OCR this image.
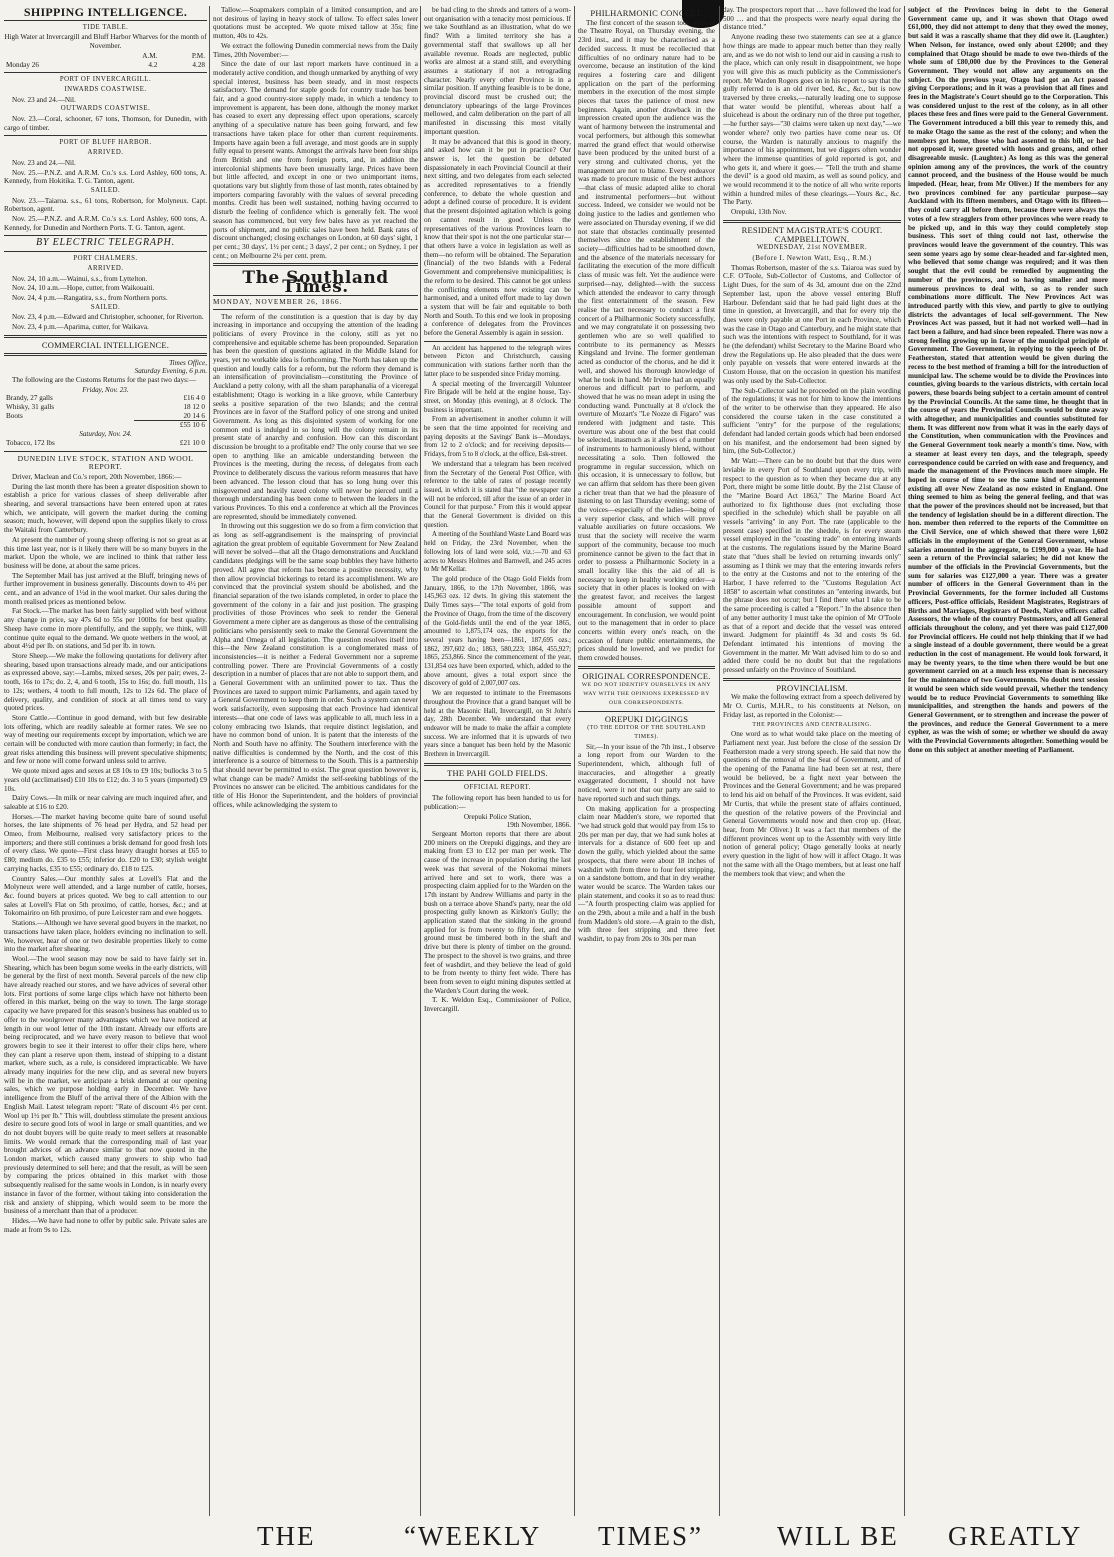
SHIPPING INTELLIGENCE.
TIDE TABLE.

High Water at Invercargill and Bluff Harbor Wharves for the month of November.

	A.M.	P.M.
Monday 26	4.2	4.28
PORT OF INVERCARGILL.
INWARDS COASTWISE.

Nov. 23 and 24.—Nil.

OUTWARDS COASTWISE.

Nov. 23.—Coral, schooner, 67 tons, Thomson, for Dunedin, with cargo of timber.

PORT OF BLUFF HARBOR.
ARRIVED.

Nov. 23 and 24.—Nil.

Nov. 25.—P.N.Z. and A.R.M. Co.'s s.s. Lord Ashley, 600 tons, A. Kennedy, from Hokitika. T. G. Tanton, agent.

SAILED.

Nov. 23.—Taiaroa. s.s., 61 tons, Robertson, for Molyneux. Capt. Robertson, agent.

Nov. 25.—P.N.Z. and A.R.M. Co.'s s.s. Lord Ashley, 600 tons, A. Kennedy, for Dunedin and Northern Ports. T. G. Tanton, agent.

BY ELECTRIC TELEGRAPH.
PORT CHALMERS.
ARRIVED.

Nov. 24, 10 a.m.—Wainui, s.s., from Lyttelton.

Nov. 24, 10 a.m.—Hope, cutter, from Waikouaiti.

Nov. 24, 4 p.m.—Rangatira, s.s., from Northern ports.

SAILED.

Nov. 23, 4 p.m.—Edward and Christopher, schooner, for Riverton.

Nov. 23, 4 p.m.—Aparima, cutter, for Waikava.

COMMERCIAL INTELLIGENCE.
Times Office,
Saturday Evening, 6 p.m.

The following are the Customs Returns for the past two days:—

Friday, Nov. 23.
Brandy, 27 galls	£16 4 0
Whisky, 31 galls	18 12 0
Boots	20 14 6
	£55 10 6
Saturday, Nov. 24.
Tobacco, 172 lbs	£21 10 0
DUNEDIN LIVE STOCK, STATION AND WOOL REPORT.

Driver, Maclean and Co.'s report, 20th November, 1866:—

During the last month there has been a greater disposition shown to establish a price for various classes of sheep deliverable after shearing, and several transactions have been entered upon at rates which, we anticipate, will govern the market during the coming season; much, however, will depend upon the supplies likely to cross the Waitaki from Canterbury.

At present the number of young sheep offering is not so great as at this time last year, nor is it likely there will be so many buyers in the market. Upon the whole, we are inclined to think that rather less business will be done, at about the same prices.

The September Mail has just arrived at the Bluff, bringing news of further improvement in business generally. Discounts down to 4½ per cent., and an advance of 1½d in the wool market. Our sales during the month realised prices as mentioned below.

Fat Stock.—The market has been fairly supplied with beef without any change in price, say 47s 6d to 55s per 100lbs for best quality. Sheep have come in more plentifully, and the supply, we think, will continue quite equal to the demand. We quote wethers in the wool, at about 4½d per lb. on stations, and 5d per lb. in town.

Store Sheep.—We make the following quotations for delivery after shearing, based upon transactions already made, and our anticipations as expressed above, say:—Lambs, mixed sexes, 20s per pair; ewes, 2-tooth, 16s to 17s; do. 2, 4, and 6 tooth, 15s to 16s; do. full mouth, 11s to 12s; wethers, 4 tooth to full mouth, 12s to 12s 6d. The place of delivery, quality, and condition of stock at all times tend to vary quoted prices.

Store Cattle.—Continue in good demand, with but few desirable lots offering, which are readily saleable at former rates. We see no way of meeting our requirements except by importation, which we are certain will be conducted with more caution than formerly; in fact, the great risks attending this business will prevent speculative shipments; and few or none will come forward unless sold to arrive.

We quote mixed ages and sexes at £8 10s to £9 10s; bullocks 3 to 5 years old (acclimatised) £10 10s to £12; do. 3 to 5 years (imported) £9 10s.

Dairy Cows.—In milk or near calving are much inquired after, and saleable at £16 to £20.

Horses.—The market having become quite bare of sound useful horses, the late shipments of 76 head per Hydra, and 52 head per Omeo, from Melbourne, realised very satisfactory prices to the importers; and there still continues a brisk demand for good fresh lots of every class. We quote—First class heavy draught horses at £65 to £80; medium do. £35 to £55; inferior do. £20 to £30; stylish weight carrying hacks, £35 to £55; ordinary do. £18 to £25.

Country Sales.—Our monthly sales at Lovell's Flat and the Molyneux were well attended, and a large number of cattle, horses, &c. found buyers at prices quoted. We beg to call attention to our sales at Lovell's Flat on 5th proximo, of cattle, horses, &c.; and at Tokomairiro on 6th proximo, of pure Leicester ram and ewe hoggets.

Stations.—Although we have several good buyers in the market, no transactions have taken place, holders evincing no inclination to sell. We, however, hear of one or two desirable properties likely to come into the market after shearing.

Wool.—The wool season may now be said to have fairly set in. Shearing, which has been begun some weeks in the early districts, will be general by the first of next month. Several parcels of the new clip have already reached our stores, and we have advices of several other lots. First portions of some large clips which have not hitherto been offered in this market, being on the way to town. The large storage capacity we have prepared for this season's business has enabled us to offer to the woolgrower many advantages which we have noticed at length in our wool letter of the 10th instant. Already our efforts are being reciprocated, and we have every reason to believe that wool growers begin to see it their interest to offer their clips here, where they can plant a reserve upon them, instead of shipping to a distant market, where such, as a rule, is considered impracticable. We have already many inquiries for the new clip, and as several new buyers will be in the market, we anticipate a brisk demand at our opening sales, which we purpose holding early in December. We have intelligence from the Bluff of the arrival there of the Albion with the English Mail. Latest telegram report: "Rate of discount 4½ per cent. Wool up 1½ per lb." This will, doubtless stimulate the present anxious desire to secure good lots of wool in large or small quantities, and we do not doubt buyers will be quite ready to meet sellers at reasonable limits. We would remark that the corresponding mail of last year brought advices of an advance similar to that now quoted in the London market, which caused many growers to ship who had previously determined to sell here; and that the result, as will be seen by comparing the prices obtained in this market with those subsequently realised for the same wools in London, is in nearly every instance in favor of the former, without taking into consideration the risk and anxiety of shipping, which would seem to be more the business of a merchant than that of a producer.

Hides.—We have had none to offer by public sale. Private sales are made at from 9s to 12s.

Tallow.—Soapmakers complain of a limited consumption, and are not desirous of laying in heavy stock of tallow. To effect sales lower quotations must be accepted. We quote mixed tallow at 35s; fine mutton, 40s to 42s.

We extract the following Dunedin commercial news from the Daily Times, 20th November:—

Since the date of our last report markets have continued in a moderately active condition, and though unmarked by anything of very special interest, business has been steady, and in most respects satisfactory. The demand for staple goods for country trade has been fair, and a good country-store supply made, in which a tendency to improvement is apparent, has been done, although the money market has ceased to exert any depressing effect upon operations, scarcely anything of a speculative nature has been going forward, and few transactions have taken place for other than current requirements. Imports have again been a full average, and most goods are in supply fully equal to present wants. Amongst the arrivals have been four ships from British and one from foreign ports, and, in addition the intercolonial shipments have been unusually large. Prices have been but little affected, and except in one or two unimportant items, quotations vary but slightly from those of last month, rates obtained by importers comparing favorably with the values of several preceding months. Credit has been well sustained, nothing having occurred to disturb the feeling of confidence which is generally felt. The wool season has commenced, but very few bales have as yet reached the ports of shipment, and no public sales have been held. Bank rates of discount unchanged; closing exchanges on London, at 60 days' sight, 1 per cent.; 30 days', 1½ per cent.; 3 days', 2 per cent.; on Sydney, 1 per cent.; on Melbourne 2¼ per cent. prem.

The Southland Times.
MONDAY, NOVEMBER 26, 1866.

The reform of the constitution is a question that is day by day increasing in importance and occupying the attention of the leading politicians of every Province in the colony, still as yet no comprehensive and equitable scheme has been propounded. Separation has been the question of questions agitated in the Middle Island for years, yet no workable idea is forthcoming. The North has taken up the question and loudly calls for a reform, but the reform they demand is an intensification of provincialism—constituting the Province of Auckland a petty colony, with all the sham paraphanalia of a viceregal establishment; Otago is working in a like groove, while Canterbury seeks a positive separation of the two Islands; and the central Provinces are in favor of the Stafford policy of one strong and united Government. As long as this disjointed system of working for one common end is indulged in so long will the colony remain in its present state of anarchy and confusion. How can this discordant discussion be brought to a profitable end? The only course that we see open to anything like an amicable understanding between the Provinces is the meeting, during the recess, of delegates from each Province to deliberately discuss the various reform measures that have been advanced. The lesson cloud that has so long hung over this misgoverned and heavily taxed colony will never be pierced until a thorough understanding has been come to between the leaders in the various Provinces. To this end a conference at which all the Provinces are represented, should be immediately convened.

In throwing out this suggestion we do so from a firm conviction that as long as self-aggrandisement is the mainspring of provincial agitation the great problem of equitable Government for New Zealand will never be solved—that all the Otago demonstrations and Auckland candidates pledgings will be the same soap bubbles they have hitherto proved. All agree that reform has become a positive necessity, why then allow provincial bickerings to retard its accomplishment. We are convinced that the provincial system should be abolished, and the financial separation of the two islands completed, in order to place the government of the colony in a fair and just position. The grasping proclivities of those Provinces who seek to render the General Government a mere cipher are as dangerous as those of the centralising politicians who persistently seek to make the General Government the Alpha and Omega of all legislation. The question resolves itself into this—the New Zealand constitution is a conglomerated mass of inconsistencies—it is neither a Federal Government nor a supreme controlling power. There are Provincial Governments of a costly description in a number of places that are not able to support them, and a General Government with an unlimited power to tax. Thus the Provinces are taxed to support mimic Parliaments, and again taxed by a General Government to keep them in order. Such a system can never work satisfactorily, even supposing that each Province had identical interests—that one code of laws was applicable to all, much less in a colony embracing two Islands, that require distinct legislation, and have no common bond of union. It is patent that the interests of the North and South have no affinity. The Southern interference with the native difficulties is condemned by the North, and the cost of this interference is a source of bitterness to the South. This is a partnership that should never be permitted to exist. The great question however is, what change can be made? Amidst the self-seeking babblings of the Provinces no answer can be elicited. The ambitious candidates for the title of His Honor the Superintendent, and the holders of provincial offices, while acknowledging the system to

be bad cling to the shreds and tatters of a worn-out organisation with a tenacity most pernicious. If we take Southland as an illustration, what do we find? With a limited territory she has a governmental staff that swallows up all her available revenue. Roads are neglected, public works are almost at a stand still, and everything assumes a stationary if not a retrograding character. Nearly every other Province is in a similar position. If anything feasible is to be done, provincial discord must be crushed out; the denunciatory upbearings of the large Provinces mellowed, and calm deliberation on the part of all manifested in discussing this most vitally important question.

It may be advanced that this is good in theory, and asked how can it be put in practice? Our answer is, let the question be debated dispassionately in each Provincial Council at their next sitting, and two delegates from each selected as accredited representatives to a friendly conference, to debate the whole question and adopt a defined course of procedure. It is evident that the present disjointed agitation which is going on cannot result in good. Unless the representatives of the various Provinces learn to know that their spot is not the one particular star—that others have a voice in legislation as well as them—no reform will be obtained. The Separation (financial) of the two Islands with a Federal Government and comprehensive municipalities; is the reform to be desired. This cannot be got unless the conflicting elements now existing can be harmonised, and a united effort made to lay down a system that will be fair and equitable to both North and South. To this end we look in proposing a conference of delegates from the Provinces before the General Assembly is again in session.

An accident has happened to the telegraph wires between Picton and Christchurch, causing communication with stations farther north than the latter place to be suspended since Friday morning.

A special meeting of the Invercargill Volunteer Fire Brigade will be held at the engine house, Tay-street, on Monday (this evening), at 8 o'clock. The business is important.

From an advertisement in another column it will be seen that the time appointed for receiving and paying deposits at the Savings' Bank is—Mondays, from 12 to 2 o'clock; and for receiving deposits—Fridays, from 5 to 8 o'clock, at the office, Esk-street.

We understand that a telegram has been received from the Secretary of the General Post Office, with reference to the table of rates of postage recently issued, in which it is stated that "the newspaper rate will not be enforced, till after the issue of an order in Council for that purpose." From this it would appear that the General Government is divided on this question.

A meeting of the Southland Waste Land Board was held on Friday, the 23rd November, when the following lots of land were sold, viz.:—70 and 63 acres to Messrs Holmes and Barnwell, and 245 acres to Mr M'Kellar.

The gold produce of the Otago Gold Fields from January, 1866, to the 17th November, 1866, was 145,963 ozs. 12 dwts. In giving this statement the Daily Times says—"The total exports of gold from the Province of Otago, from the time of the discovery of the Gold-fields until the end of the year 1865, amounted to 1,875,174 ozs, the exports for the several years having been—1861, 187,695 ozs.; 1862, 397,602 do.; 1863, 580,223; 1864, 455,927; 1865, 253,866. Since the commencement of the year, 131,854 ozs have been exported, which, added to the above amount, gives a total export since the discovery of gold of 2,007,007 ozs.

We are requested to intimate to the Freemasons throughout the Province that a grand banquet will be held at the Masonic Hall, Invercargill, on St John's day, 28th December. We understand that every endeavor will be made to make the affair a complete success. We are informed that it is upwards of two years since a banquet has been held by the Masonic Brethren in Invercargill.

THE PAHI GOLD FIELDS.
OFFICIAL REPORT.

The following report has been handed to us for publication:—

Orepuki Police Station,
19th November, 1866.

Sergeant Morton reports that there are about 200 miners on the Orepuki diggings, and they are making from £3 to £12 per man per week. The cause of the increase in population during the last week was that several of the Nokomai miners arrived here and set to work, there was a prospecting claim applied for to the Warden on the 17th instant by Andrew Williams and party in the bush on a terrace above Shand's party, near the old prospecting gully known as Kirkton's Gully; the application stated that the sinking in the ground applied for is from twenty to fifty feet, and the ground must be timbered both in the shaft and drive but there is plenty of timber on the ground. The prospect to the shovel is two grains, and three feet of washdirt, and they believe the lead of gold to be from twenty to thirty feet wide. There has been from seven to eight mining disputes settled at the Warden's Court during the week.

T. K. Weldon Esq., Commissioner of Police, Invercargill.

PHILHARMONIC CONCERT.

The first concert of the season took place at the Theatre Royal, on Thursday evening, the 23rd inst., and it may be characterised as a decided success. It must be recollected that difficulties of no ordinary nature had to be overcome, because an institution of the kind requires a fostering care and diligent application on the part of the performing members in the execution of the most simple pieces that taxes the patience of most new beginners. Again, another drawback in the impression created upon the audience was the want of harmony between the instrumental and vocal performers, but although this somewhat marred the grand effect that would otherwise have been produced by the united burst of a very strong and cultivated chorus, yet the management are not to blame. Every endeavor was made to procure music of the best authors—that class of music adapted alike to choral and instrumental performers—but without success. Indeed, we consider we would not be doing justice to the ladies and gentlemen who were associated on Thursday evening, if we did not state that obstacles continually presented themselves since the establishment of the society—difficulties had to be smoothed down, and the absence of the materials necessary for facilitating the execution of the more difficult class of music was felt. Yet the audience were surprised—nay, delighted—with the success which attended the endeavor to carry through the first entertainment of the season. Few realise the tact necessary to conduct a first concert of a Philharmonic Society successfully, and we may congratulate it on possessing two gentlemen who are so well qualified to contribute to its permanency as Messrs Kingsland and Irvine. The former gentleman acted as conductor of the chorus, and he did it well, and showed his thorough knowledge of what he took in hand. Mr Irvine had an equally onerous and difficult part to perform, and showed that he was no mean adept in using the conducting wand. Punctually at 8 o'clock the overture of Mozart's "Le Nozze di Figaro" was rendered with judgment and taste. This overture was about one of the best that could be selected, inasmuch as it allows of a number of instruments to harmoniously blend, without necessitating a solo. Then followed the programme in regular succession, which on this occasion, it is unnecessary to follow, but we can affirm that seldom has there been given a richer treat than that we had the pleasure of listening to on last Thursday evening; some of the voices—especially of the ladies—being of a very superior class, and which will prove valuable auxiliaries on future occasions. We trust that the society will receive the warm support of the community, because too much prominence cannot be given to the fact that in order to possess a Philharmonic Society in a small locality like this the aid of all is necessary to keep in healthy working order—a society that in other places is looked on with the greatest favor, and receives the largest possible amount of support and encouragement. In conclusion, we would point out to the management that in order to place concerts within every one's reach, on the occasion of future public entertainments, the prices should be lowered, and we predict for them crowded houses.

ORIGINAL CORRESPONDENCE.
WE DO NOT IDENTIFY OURSELVES IN ANY WAY WITH THE OPINIONS EXPRESSED BY OUR CORRESPONDENTS.
OREPUKI DIGGINGS
(TO THE EDITOR OF THE SOUTHLAND TIMES).

Sir,—In your issue of the 7th inst., I observe a long report from our Warden to the Superintendent, which, although full of inaccuracies, and altogether a greatly exaggerated document, I should not have noticed, were it not that our party are said to have reported such and such things.

On making application for a prospecting claim near Madden's store, we reported that "we had struck gold that would pay from 15s to 20s per man per day, that we had sunk holes at intervals for a distance of 600 feet up and down the gully, which yielded about the same prospects, that there were about 18 inches of washdirt with from three to four feet stripping, on a sandstone bottom, and that in dry weather water would be scarce. The Warden takes our plain statement, and cooks it so as to read thus:—"A fourth prospecting claim was applied for on the 29th, about a mile and a half in the bush from Madden's old store.—A grain to the dish, with three feet stripping and three feet washdirt, to pay from 20s to 30s per man

day. The prospectors report that … have followed the lead for 500 … and that the prospects were nearly equal during the distance tried."

Anyone reading these two statements can see at a glance how things are made to appear much better than they really are, and as we do not wish to lend our aid in causing a rush to the place, which can only result in disappointment, we hope you will give this as much publicity as the Commissioner's report. Mr Warden Rogers goes on in his report to say that the gully referred to is an old river bed, &c., &c., but is now traversed by three creeks,—naturally leading one to suppose that water would be plentiful, whereas about half a sluicehead is about the ordinary run of the three put together,—he further says—"30 claims were taken up next day,"—we wonder where? only two parties have come near us. Of course, the Warden is naturally anxious to magnify the importance of his appointment, but we diggers often wonder where the immense quantities of gold reported is got, and who gets it, and where it goes.— "Tell the truth and shame the devil" is a good old maxim, as well as sound policy, and we would recommend it to the notice of all who write reports within a hundred miles of these clearings.—Yours &c., &c. The Party.

Orepuki, 13th Nov.

RESIDENT MAGISTRATE'S COURT. CAMPBELLTOWN.
WEDNESDAY, 21st NOVEMBER.
(Before I. Newton Watt, Esq., R.M.)

Thomas Robertson, master of the s.s. Taiaroa was sued by C.F. O'Toole, Sub-Collector of Customs, and Collector of Light Dues, for the sum of 4s 3d, amount due on the 22nd September last, upon the above vessel entering Bluff Harbour. Defendant said that he had paid light dues at the time in question, at Invercargill, and that for every trip the dues were only payable at one Port in each Province, which was the case in Otago and Canterbury, and he might state that such was the intentions with respect to Southland, for it was he (the defendant) whilst Secretary to the Marine Board who drew the Regulations up. He also pleaded that the dues were only payable on vessels that were entered inwards at the Custom House, that on the occasion in question his manifest was only used by the Sub-Collector.

The Sub-Collector said he proceeded on the plain wording of the regulations; it was not for him to know the intentions of the writer to be otherwise than they appeared. He also considered the course taken in the case constituted a sufficient "entry" for the purpose of the regulations; defendant had landed certain goods which had been endorsed on his manifest, and the endorsement had been signed by him, (the Sub-Collector.)

Mr Watt:—There can be no doubt but that the dues were leviable in every Port of Southland upon every trip, with respect to the question as to when they became due at any Port, there might be some little doubt. By the 21st Clause of the "Marine Board Act 1863," The Marine Board Act authorized to fix lighthouse dues (not excluding those specified in the schedule) which shall be payable on all vessels "arriving" in any Port. The rate (applicable to the present case) specified in the shedule, is for every steam vessel employed in the "coasting trade" on entering inwards at the customs. The regulations issued by the Marine Board state that "dues shall be levied on returning inwards only" assuming as I think we may that the entering inwards refers to the entry at the Customs and not to the entering of the Harbor, I have referred to the "Customs Regulation Act 1858" to ascertain what constitutes an "entering inwards, but the phrase does not occur; but I find there what I take to be the same proceeding is called a "Report." In the absence then of any better authority I must take the opinion of Mr O'Toole as that of a report and decide that the vessel was entered inward. Judgment for plaintiff 4s 3d and costs 9s 6d. Defendant intimated his intentions of moving the Government in the matter. Mr Watt advised him to do so and added there could be no doubt but that the regulations pressed unfairly on the Province of Southland.

PROVINCIALISM.

We make the following extract from a speech delivered by Mr O. Curtis, M.H.R., to his constituents at Nelson, on Friday last, as reported in the Colonist:—

THE PROVINCES AND CENTRALISING.

One word as to what would take place on the meeting of Parliament next year. Just before the close of the session Dr Featherston made a very strong speech. He said that now the questions of the removal of the Seat of Government, and of the opening of the Panama line had been set at rest, there would be believed, be a fight next year between the Provinces and the General Government; and he was prepared to lend his aid on behalf of the Provinces. It was evident, said Mr Curtis, that while the present state of affairs continued, the question of the relative powers of the Provincial and General Governments would now and then crop up. (Hear, hear, from Mr Oliver.) It was a fact that members of the different provinces went up to the Assembly with very little notion of general policy; Otago generally looks at nearly every question in the light of how will it affect Otago. It was not the same with all the Otago members, but at least one half the members took that view; and when the

subject of the Provinces being in debt to the General Government came up, and it was shown that Otago owed £61,000, they did not attempt to deny that they owed the money, but said it was a rascally shame that they did owe it. (Laughter.) When Nelson, for instance, owed only about £2000; and they complained that Otago should be made to owe two-thirds of the whole sum of £80,000 due by the Provinces to the General Government. They would not allow any arguments on the subject. On the previous year, Otago had got an Act passed giving Corporations; and in it was a provision that all fines and fees in the Magistrate's Court should go to the Corporation. This was considered unjust to the rest of the colony, as in all other places these fees and fines were paid to the General Government. The Government introduced a bill this year to remedy this, and to make Otago the same as the rest of the colony; and when the members got home, those who had assented to this bill, or had not opposed it, were greeted with hoots and groans, and other disagreeable music. (Laughter.) As long as this was the general opinion among any of the provinces, the work of the country cannot proceed, and the business of the House would be much impeded. (Hear, hear, from Mr Oliver.) If the members for any two provinces combined for any particular purpose—say Auckland with its fifteen members, and Otago with its fifteen—they could carry all before them, because there were always the votes of a few stragglers from other provinces who were ready to be picked up, and in this way they could completely stop business. This sort of thing could not last, otherwise the provinces would leave the government of the country. This was seen some years ago by some clear-headed and far-sighted men, who believed that some change was required; and it was then sought that the evil could be remedied by augmenting the number of the provinces, and so having smaller and more numerous provinces to deal with, so as to render such combinations more difficult. The New Provinces Act was introduced partly with this view, and partly to give to outlying districts the advantages of local self-government. The New Provinces Act was passed, but it had not worked well—had in fact been a failure, and had since been repealed. There was now a strong feeling growing up in favor of the municipal principle of Government. The Government, in replying to the speech of Dr. Featherston, stated that attention would be given during the recess to the best method of framing a bill for the introduction of municipal law. The scheme would be to divide the Provinces into counties, giving boards to the various districts, with certain local powers, these boards being subject to a certain amount of control by the Provincial Councils. At the same time, he thought that in the course of years the Provincial Councils would be done away with altogether, and municipalities and counties substituted for them. It was different now from what it was in the early days of the Constitution, when communication with the Provinces and the General Government took nearly a month's time. Now, with a steamer at least every ten days, and the telegraph, speedy correspondence could be carried on with ease and frequency, and made the management of the Provinces much more simple. He hoped in course of time to see the same kind of management existing all over New Zealand as now existed in England. One thing seemed to him as being the general feeling, and that was that the power of the provinces should not be increased, but that the tendency of legislation should be in a different direction. The hon. member then referred to the reports of the Committee on the Civil Service, one of which showed that there were 1,602 officials in the employment of the General Government, whose salaries amounted in the aggregate, to £199,000 a year. He had seen a return of the Provincial salaries; he did not know the number of the officials in the Provincial Governments, but the sum for salaries was £127,000 a year. There was a greater number of officers in the General Government than in the Provincial Governments, for the former included all Customs officers, Post-office officials, Resident Magistrates, Registrars of Births and Marriages, Registrars of Deeds, Native officers called Assessors, the whole of the country Postmasters, and all General officials throughout the colony, and yet there was paid £127,000 for Provincial officers. He could not help thinking that if we had a single instead of a double government, there would be a great reduction in the cost of management. He would look forward, it may be twenty years, to the time when there would be but one government carried on at a much less expense than is necessary for the maintenance of two Governments. No doubt next session it would be seen which side would prevail, whether the tendency would be to reduce Provincial Governments to something like municipalities, and strengthen the hands and powers of the General Government, or to strengthen and increase the power of the provinces, and reduce the General Government to a mere cypher, as was the wish of some; or whether we should do away with the Provincial Governments altogether. Something would be done on this subject at another meeting of Parliament.

THE	“WEEKLY TIMES”	WILL BE GREATLY
